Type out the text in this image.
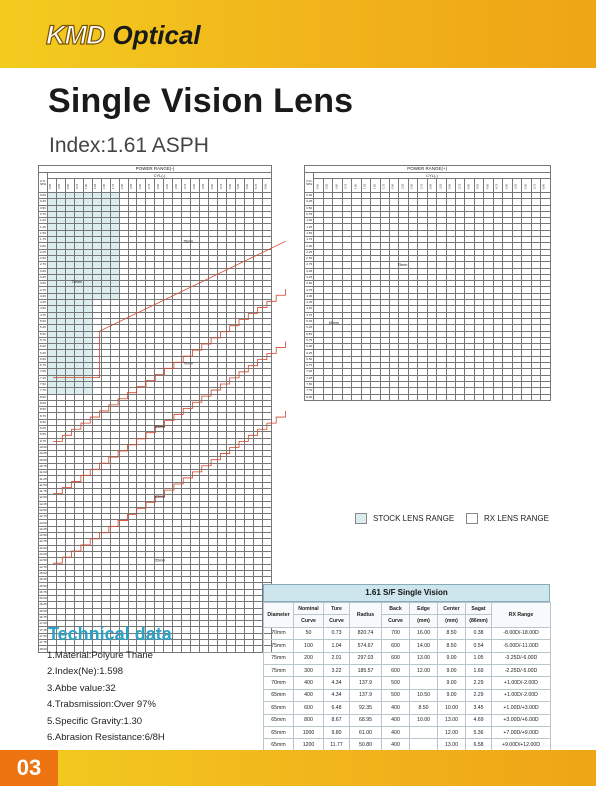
KMD Optical
Single Vision Lens
Index:1.61 ASPH
POWER RANGE(-)																									
CYL SPH	CYL(-)																								
	0.00	0.25	0.50	0.75	1.00	1.25	1.50	1.75	2.00	2.25	2.50	2.75	3.00	3.25	3.50	3.75	4.00	4.25	4.50	4.75	5.00	5.25	5.50	5.75	6.00
0.00																									
0.25																									
0.50																									
0.75																									
1.00																									
1.25																									
1.50																									
1.75																									
2.00																									
2.25																									
2.50																									
2.75																									
3.00																									
3.25																									
3.50																									
3.75																									
4.00																									
4.25																									
4.50																									
4.75																									
5.00																									
5.25																									
5.50																									
5.75																									
6.00																									
6.25																									
6.50																									
6.75																									
7.00																									
7.25																									
7.50																									
7.75																									
8.00																									
8.25																									
8.50																									
8.75																									
9.00																									
9.25																									
9.50																									
9.75																									
10.00																									
10.25																									
10.50																									
10.75																									
11.00																									
11.25																									
11.50																									
11.75																									
12.00																									
12.25																									
12.50																									
12.75																									
13.00																									
13.25																									
13.50																									
13.75																									
14.00																									
14.25																									
14.50																									
14.75																									
15.00																									
15.25																									
15.50																									
15.75																									
16.00																									
16.25																									
16.50																									
16.75																									
17.00																									
17.25																									
17.50																									
17.75																									
18.00																									
POWER RANGE(+)																									
CYL SPH	CYL(-)																								
	0.00	0.25	0.50	0.75	1.00	1.25	1.50	1.75	2.00	2.25	2.50	2.75	3.00	3.25	3.50	3.75	4.00	4.25	4.50	4.75	5.00	5.25	5.50	5.75	6.00
0.00																									
0.25																									
0.50																									
0.75																									
1.00																									
1.25																									
1.50																									
1.75																									
2.00																									
2.25																									
2.50																									
2.75																									
3.00																									
3.25																									
3.50																									
3.75																									
4.00																									
4.25																									
4.50																									
4.75																									
5.00																									
5.25																									
5.50																									
5.75																									
6.00																									
6.25																									
6.50																									
6.75																									
7.00																									
7.25																									
7.50																									
7.75																									
8.00																									
75mm
75mm
70mm
65mm
65mm
55mm
75mm
65mm
STOCK LENS RANGE	RX LENS RANGE
Technical data
1.Material:Polyure Thane
2.Index(Ne):1.598
3.Abbe value:32
4.Trabsmission:Over 97%
5.Specific Gravity:1.30
6.Abrasion Resistance:6/8H
1.61 S/F Single Vision
Diameter	Nominal	Ture	Radius	Back	Edge	Center	Sagat	RX Range
	Curve	Curve		Curve	(mm)	(mm)	(86mm)	
70mm	50	0.73	820.74	700	16.00	8.50	0.38	-8.00D/-18.00D
75mm	100	1.04	574.67	600	14.00	8.50	0.54	-5.00D/-11.00D
75mm	200	2.01	297.03	600	13.00	9.00	1.05	-3.25D/-6.00D
75mm	300	3.22	185.57	600	12.00	9.00	1.69	-2.25D/-5.00D
70mm	400	4.34	137.9	500		9.00	2.29	+1.00D/-2.00D
65mm	400	4.34	137.9	500	10.50	9.00	2.29	+1.00D/-2.00D
65mm	600	6.48	92.35	400	8.50	10.00	3.45	+1.00D/+3.00D
65mm	800	8.67	68.95	400	10.00	13.00	4.69	+3.00D/+6.00D
65mm	1000	9.80	61.00	400		12.00	5.36	+7.00D/+9.00D
65mm	1200	11.77	50.80	400		13.00	6.58	+9.00D/+12.00D
03
